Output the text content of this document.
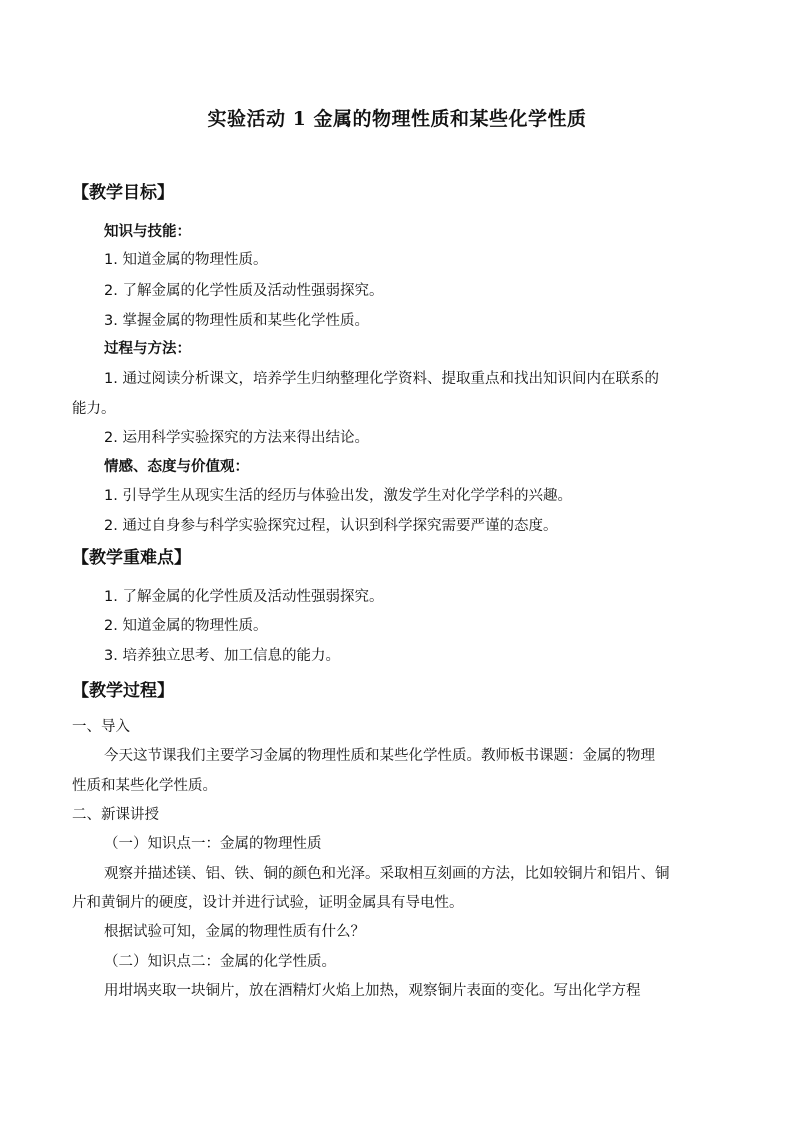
实验活动 1 金属的物理性质和某些化学性质
【教学目标】
知识与技能：
1. 知道金属的物理性质。
2. 了解金属的化学性质及活动性强弱探究。
3. 掌握金属的物理性质和某些化学性质。
过程与方法：
1. 通过阅读分析课文，培养学生归纳整理化学资料、提取重点和找出知识间内在联系的
能力。
2. 运用科学实验探究的方法来得出结论。
情感、态度与价值观：
1. 引导学生从现实生活的经历与体验出发，激发学生对化学学科的兴趣。
2. 通过自身参与科学实验探究过程，认识到科学探究需要严谨的态度。
【教学重难点】
1. 了解金属的化学性质及活动性强弱探究。
2. 知道金属的物理性质。
3. 培养独立思考、加工信息的能力。
【教学过程】
一、导入
今天这节课我们主要学习金属的物理性质和某些化学性质。教师板书课题：金属的物理
性质和某些化学性质。
二、新课讲授
（一）知识点一：金属的物理性质
观察并描述镁、铝、铁、铜的颜色和光泽。采取相互刻画的方法，比如较铜片和铝片、铜
片和黄铜片的硬度，设计并进行试验，证明金属具有导电性。
根据试验可知，金属的物理性质有什么？
（二）知识点二：金属的化学性质。
用坩埚夹取一块铜片，放在酒精灯火焰上加热，观察铜片表面的变化。写出化学方程
